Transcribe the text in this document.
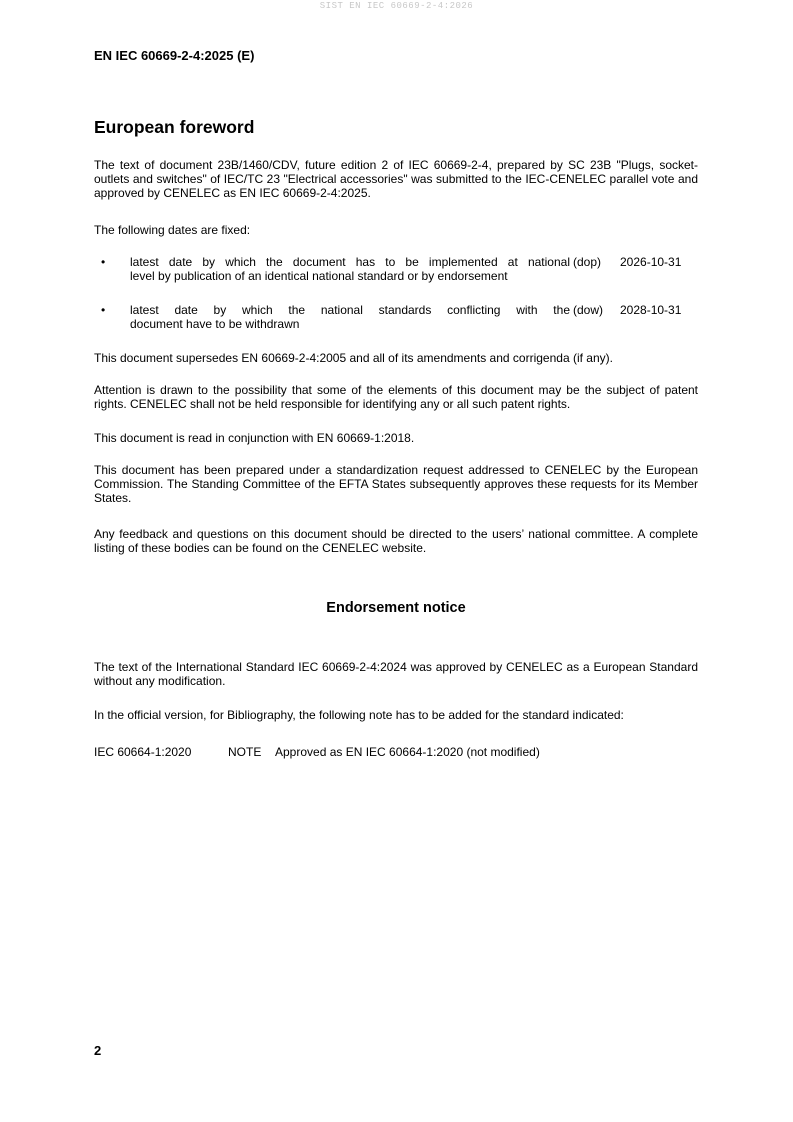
SIST EN IEC 60669-2-4:2026
EN IEC 60669-2-4:2025 (E)
European foreword

The text of document 23B/1460/CDV, future edition 2 of IEC 60669-2-4, prepared by SC 23B "Plugs, socket-outlets and switches" of IEC/TC 23 "Electrical accessories" was submitted to the IEC-CENELEC parallel vote and approved by CENELEC as EN IEC 60669-2-4:2025.

The following dates are fixed:

• latest date by which the document has to be implemented at national
level by publication of an identical national standard or by endorsement
(dop) 2026-10-31
• latest date by which the national standards conflicting with the
document have to be withdrawn
(dow) 2028-10-31

This document supersedes EN 60669-2-4:2005 and all of its amendments and corrigenda (if any).

Attention is drawn to the possibility that some of the elements of this document may be the subject of patent rights. CENELEC shall not be held responsible for identifying any or all such patent rights.

This document is read in conjunction with EN 60669-1:2018.

This document has been prepared under a standardization request addressed to CENELEC by the European Commission. The Standing Committee of the EFTA States subsequently approves these requests for its Member States.

Any feedback and questions on this document should be directed to the users’ national committee. A complete listing of these bodies can be found on the CENELEC website.

Endorsement notice

The text of the International Standard IEC 60669-2-4:2024 was approved by CENELEC as a European Standard without any modification.

In the official version, for Bibliography, the following note has to be added for the standard indicated:

IEC 60664-1:2020	NOTE Approved as EN IEC 60664-1:2020 (not modified)
2
